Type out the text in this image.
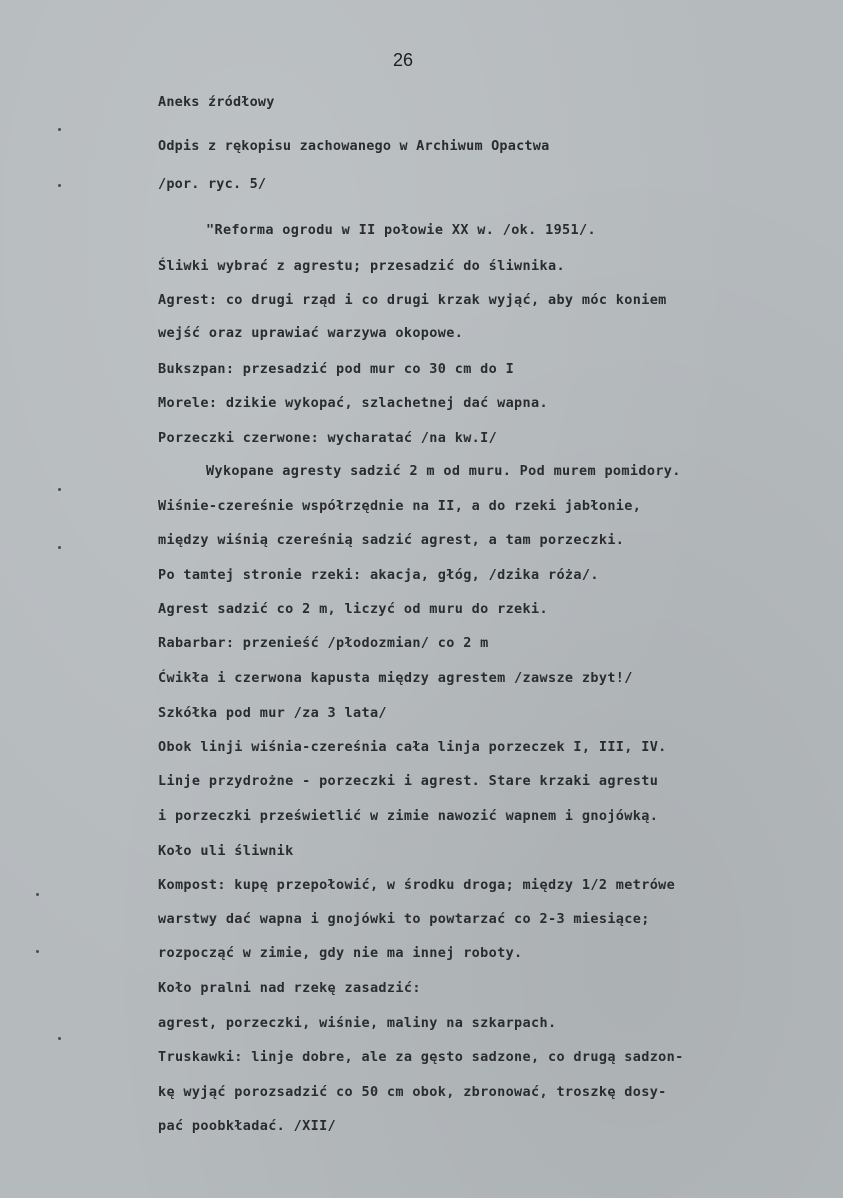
26
Aneks źródłowy
Odpis z rękopisu zachowanego w Archiwum Opactwa
/por. ryc. 5/
"Reforma ogrodu w II połowie XX w. /ok. 1951/.
Śliwki wybrać z agrestu; przesadzić do śliwnika.
Agrest: co drugi rząd i co drugi krzak wyjąć, aby móc koniem
wejść oraz uprawiać warzywa okopowe.
Bukszpan: przesadzić pod mur co 30 cm do I
Morele: dzikie wykopać, szlachetnej dać wapna.
Porzeczki czerwone: wycharatać /na kw.I/
Wykopane agresty sadzić 2 m od muru. Pod murem pomidory.
Wiśnie-czereśnie współrzędnie na II, a do rzeki jabłonie,
między wiśnią czereśnią sadzić agrest, a tam porzeczki.
Po tamtej stronie rzeki: akacja, głóg, /dzika róża/.
Agrest sadzić co 2 m, liczyć od muru do rzeki.
Rabarbar: przenieść /płodozmian/ co 2 m
Ćwikła i czerwona kapusta między agrestem /zawsze zbyt!/
Szkółka pod mur /za 3 lata/
Obok linji wiśnia-czereśnia cała linja porzeczek I, III, IV.
Linje przydrożne - porzeczki i agrest. Stare krzaki agrestu
i porzeczki prześwietlić w zimie nawozić wapnem i gnojówką.
Koło uli śliwnik
Kompost: kupę przepołowić, w środku droga; między 1/2 metrówe
warstwy dać wapna i gnojówki to powtarzać co 2-3 miesiące;
rozpocząć w zimie, gdy nie ma innej roboty.
Koło pralni nad rzekę zasadzić:
agrest, porzeczki, wiśnie, maliny na szkarpach.
Truskawki: linje dobre, ale za gęsto sadzone, co drugą sadzon-
kę wyjąć porozsadzić co 50 cm obok, zbronować, troszkę dosy-
pać poobkładać. /XII/
